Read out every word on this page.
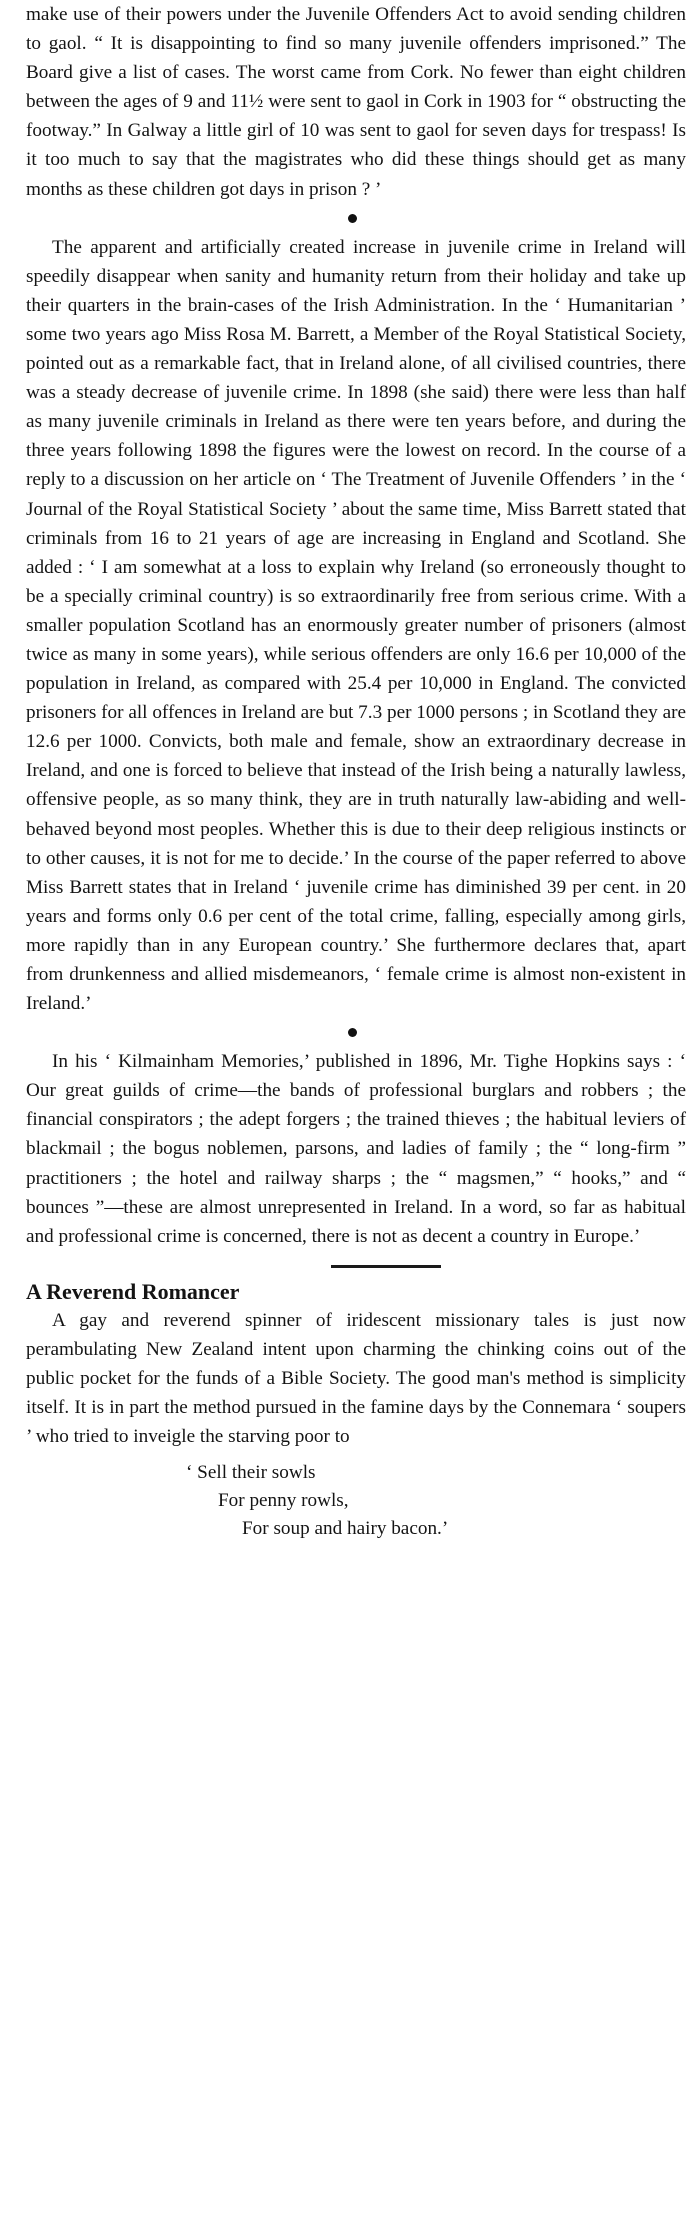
make use of their powers under the Juvenile Offenders Act to avoid sending children to gaol. “ It is disappointing to find so many juvenile offenders imprisoned.” The Board give a list of cases. The worst came from Cork. No fewer than eight children between the ages of 9 and 11½ were sent to gaol in Cork in 1903 for “ obstructing the footway.” In Galway a little girl of 10 was sent to gaol for seven days for trespass! Is it too much to say that the magistrates who did these things should get as many months as these children got days in prison ? ’

The apparent and artificially created increase in juvenile crime in Ireland will speedily disappear when sanity and humanity return from their holiday and take up their quarters in the brain-cases of the Irish Administration. In the ‘ Humanitarian ’ some two years ago Miss Rosa M. Barrett, a Member of the Royal Statistical Society, pointed out as a remarkable fact, that in Ireland alone, of all civilised countries, there was a steady decrease of juvenile crime. In 1898 (she said) there were less than half as many juvenile criminals in Ireland as there were ten years before, and during the three years following 1898 the figures were the lowest on record. In the course of a reply to a discussion on her article on ‘ The Treatment of Juvenile Offenders ’ in the ‘ Journal of the Royal Statistical Society ’ about the same time, Miss Barrett stated that criminals from 16 to 21 years of age are increasing in England and Scotland. She added : ‘ I am somewhat at a loss to explain why Ireland (so erroneously thought to be a specially criminal country) is so extraordinarily free from serious crime. With a smaller population Scotland has an enormously greater number of prisoners (almost twice as many in some years), while serious offenders are only 16.6 per 10,000 of the population in Ireland, as compared with 25.4 per 10,000 in England. The convicted prisoners for all offences in Ireland are but 7.3 per 1000 persons ; in Scotland they are 12.6 per 1000. Convicts, both male and female, show an extraordinary decrease in Ireland, and one is forced to believe that instead of the Irish being a naturally lawless, offensive people, as so many think, they are in truth naturally law-abiding and well-behaved beyond most peoples. Whether this is due to their deep religious instincts or to other causes, it is not for me to decide.’ In the course of the paper referred to above Miss Barrett states that in Ireland ‘ juvenile crime has diminished 39 per cent. in 20 years and forms only 0.6 per cent of the total crime, falling, especially among girls, more rapidly than in any European country.’ She furthermore declares that, apart from drunkenness and allied misdemeanors, ‘ female crime is almost non-existent in Ireland.’

In his ‘ Kilmainham Memories,’ published in 1896, Mr. Tighe Hopkins says : ‘ Our great guilds of crime—the bands of professional burglars and robbers ; the financial conspirators ; the adept forgers ; the trained thieves ; the habitual leviers of blackmail ; the bogus noblemen, parsons, and ladies of family ; the “ long-firm ” practitioners ; the hotel and railway sharps ; the “ magsmen,” “ hooks,” and “ bounces ”—these are almost unrepresented in Ireland. In a word, so far as habitual and professional crime is concerned, there is not as decent a country in Europe.’

A Reverend Romancer

A gay and reverend spinner of iridescent missionary tales is just now perambulating New Zealand intent upon charming the chinking coins out of the public pocket for the funds of a Bible Society. The good man's method is simplicity itself. It is in part the method pursued in the famine days by the Connemara ‘ soupers ’ who tried to inveigle the starving poor to

‘ Sell their sowls
For penny rowls,
For soup and hairy bacon.’
